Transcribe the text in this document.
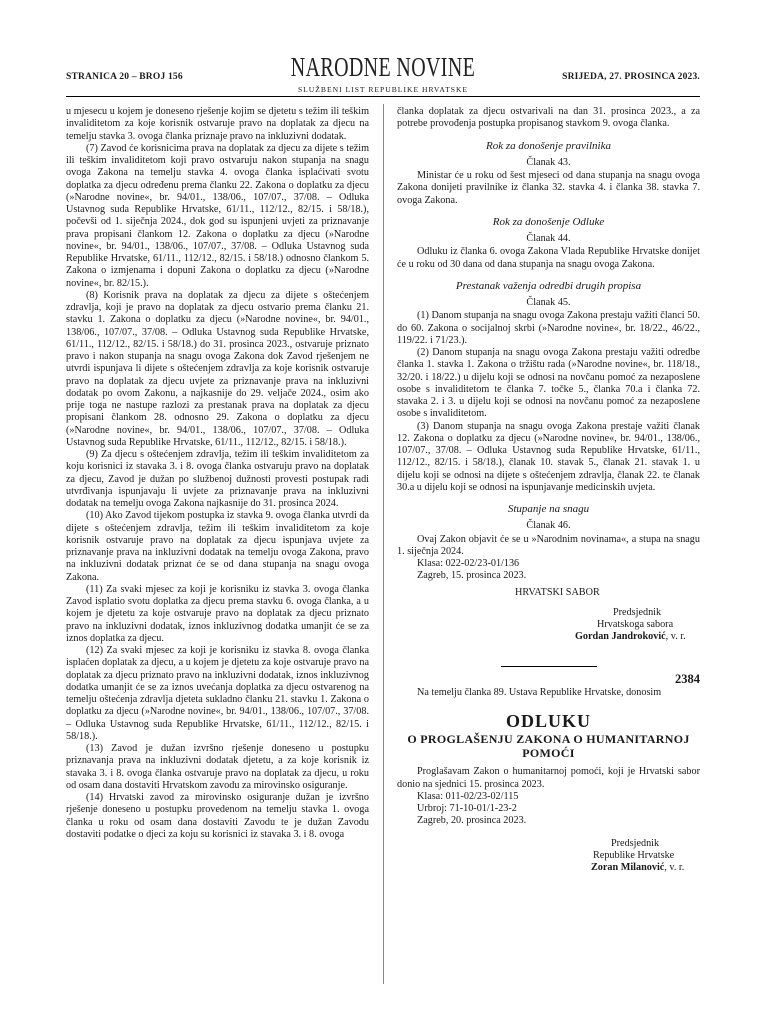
STRANICA 20 – BROJ 156	NARODNE NOVINE
SLUŽBENI LIST REPUBLIKE HRVATSKE
SRIJEDA, 27. PROSINCA 2023.

u mjesecu u kojem je doneseno rješenje kojim se djetetu s težim ili teškim invaliditetom za koje korisnik ostvaruje pravo na doplatak za djecu na temelju stavka 3. ovoga članka priznaje pravo na inkluzivni dodatak.

(7) Zavod će korisnicima prava na doplatak za djecu za dijete s težim ili teškim invaliditetom koji pravo ostvaruju nakon stupanja na snagu ovoga Zakona na temelju stavka 4. ovoga članka isplaćivati svotu doplatka za djecu određenu prema članku 22. Zakona o doplatku za djecu (»Narodne novine«, br. 94/01., 138/06., 107/07., 37/08. – Odluka Ustavnog suda Republike Hrvatske, 61/11., 112/12., 82/15. i 58/18.), počevši od 1. siječnja 2024., dok god su ispunjeni uvjeti za priznavanje prava propisani člankom 12. Zakona o doplatku za djecu (»Narodne novine«, br. 94/01., 138/06., 107/07., 37/08. – Odluka Ustavnog suda Republike Hrvatske, 61/11., 112/12., 82/15. i 58/18.) odnosno člankom 5. Zakona o izmjenama i dopuni Zakona o doplatku za djecu (»Narodne novine«, br. 82/15.).

(8) Korisnik prava na doplatak za djecu za dijete s oštećenjem zdravlja, koji je pravo na doplatak za djecu ostvario prema članku 21. stavku 1. Zakona o doplatku za djecu (»Narodne novine«, br. 94/01., 138/06., 107/07., 37/08. – Odluka Ustavnog suda Republike Hrvatske, 61/11., 112/12., 82/15. i 58/18.) do 31. prosinca 2023., ostvaruje priznato pravo i nakon stupanja na snagu ovoga Zakona dok Zavod rješenjem ne utvrdi ispunjava li dijete s oštećenjem zdravlja za koje korisnik ostvaruje pravo na doplatak za djecu uvjete za priznavanje prava na inkluzivni dodatak po ovom Zakonu, a najkasnije do 29. veljače 2024., osim ako prije toga ne nastupe razlozi za prestanak prava na doplatak za djecu propisani člankom 28. odnosno 29. Zakona o doplatku za djecu (»Narodne novine«, br. 94/01., 138/06., 107/07., 37/08. – Odluka Ustavnog suda Republike Hrvatske, 61/11., 112/12., 82/15. i 58/18.).

(9) Za djecu s oštećenjem zdravlja, težim ili teškim invaliditetom za koju korisnici iz stavaka 3. i 8. ovoga članka ostvaruju pravo na doplatak za djecu, Zavod je dužan po službenoj dužnosti provesti postupak radi utvrđivanja ispunjavaju li uvjete za priznavanje prava na inkluzivni dodatak na temelju ovoga Zakona najkasnije do 31. prosinca 2024.

(10) Ako Zavod tijekom postupka iz stavka 9. ovoga članka utvrdi da dijete s oštećenjem zdravlja, težim ili teškim invaliditetom za koje korisnik ostvaruje pravo na doplatak za djecu ispunjava uvjete za priznavanje prava na inkluzivni dodatak na temelju ovoga Zakona, pravo na inkluzivni dodatak priznat će se od dana stupanja na snagu ovoga Zakona.

(11) Za svaki mjesec za koji je korisniku iz stavka 3. ovoga članka Zavod isplatio svotu doplatka za djecu prema stavku 6. ovoga članka, a u kojem je djetetu za koje ostvaruje pravo na doplatak za djecu priznato pravo na inkluzivni dodatak, iznos inkluzivnog dodatka umanjit će se za iznos doplatka za djecu.

(12) Za svaki mjesec za koji je korisniku iz stavka 8. ovoga članka isplaćen doplatak za djecu, a u kojem je djetetu za koje ostvaruje pravo na doplatak za djecu priznato pravo na inkluzivni dodatak, iznos inkluzivnog dodatka umanjit će se za iznos uvećanja doplatka za djecu ostvarenog na temelju oštećenja zdravlja djeteta sukladno članku 21. stavku 1. Zakona o doplatku za djecu (»Narodne novine«, br. 94/01., 138/06., 107/07., 37/08. – Odluka Ustavnog suda Republike Hrvatske, 61/11., 112/12., 82/15. i 58/18.).

(13) Zavod je dužan izvršno rješenje doneseno u postupku priznavanja prava na inkluzivni dodatak djetetu, a za koje korisnik iz stavaka 3. i 8. ovoga članka ostvaruje pravo na doplatak za djecu, u roku od osam dana dostaviti Hrvatskom zavodu za mirovinsko osiguranje.

(14) Hrvatski zavod za mirovinsko osiguranje dužan je izvršno rješenje doneseno u postupku provedenom na temelju stavka 1. ovoga članka u roku od osam dana dostaviti Zavodu te je dužan Zavodu dostaviti podatke o djeci za koju su korisnici iz stavaka 3. i 8. ovoga

članka doplatak za djecu ostvarivali na dan 31. prosinca 2023., a za potrebe provođenja postupka propisanog stavkom 9. ovoga članka.

Rok za donošenje pravilnika

Članak 43.

Ministar će u roku od šest mjeseci od dana stupanja na snagu ovoga Zakona donijeti pravilnike iz članka 32. stavka 4. i članka 38. stavka 7. ovoga Zakona.

Rok za donošenje Odluke

Članak 44.

Odluku iz članka 6. ovoga Zakona Vlada Republike Hrvatske donijet će u roku od 30 dana od dana stupanja na snagu ovoga Zakona.

Prestanak važenja odredbi drugih propisa

Članak 45.

(1) Danom stupanja na snagu ovoga Zakona prestaju važiti članci 50. do 60. Zakona o socijalnoj skrbi (»Narodne novine«, br. 18/22., 46/22., 119/22. i 71/23.).

(2) Danom stupanja na snagu ovoga Zakona prestaju važiti odredbe članka 1. stavka 1. Zakona o tržištu rada (»Narodne novine«, br. 118/18., 32/20. i 18/22.) u dijelu koji se odnosi na novčanu pomoć za nezaposlene osobe s invaliditetom te članka 7. točke 5., članka 70.a i članka 72. stavaka 2. i 3. u dijelu koji se odnosi na novčanu pomoć za nezaposlene osobe s invaliditetom.

(3) Danom stupanja na snagu ovoga Zakona prestaje važiti članak 12. Zakona o doplatku za djecu (»Narodne novine«, br. 94/01., 138/06., 107/07., 37/08. – Odluka Ustavnog suda Republike Hrvatske, 61/11., 112/12., 82/15. i 58/18.), članak 10. stavak 5., članak 21. stavak 1. u dijelu koji se odnosi na dijete s oštećenjem zdravlja, članak 22. te članak 30.a u dijelu koji se odnosi na ispunjavanje medicinskih uvjeta.

Stupanje na snagu

Članak 46.

Ovaj Zakon objavit će se u »Narodnim novinama«, a stupa na snagu 1. siječnja 2024.

Klasa: 022-02/23-01/136

Zagreb, 15. prosinca 2023.

HRVATSKI SABOR

Predsjednik

Hrvatskoga sabora

Gordan Jandroković, v. r.

2384

Na temelju članka 89. Ustava Republike Hrvatske, donosim

ODLUKU

O PROGLAŠENJU ZAKONA O HUMANITARNOJ POMOĆI

Proglašavam Zakon o humanitarnoj pomoći, koji je Hrvatski sabor donio na sjednici 15. prosinca 2023.

Klasa: 011-02/23-02/115

Urbroj: 71-10-01/1-23-2

Zagreb, 20. prosinca 2023.

Predsjednik

Republike Hrvatske

Zoran Milanović, v. r.
